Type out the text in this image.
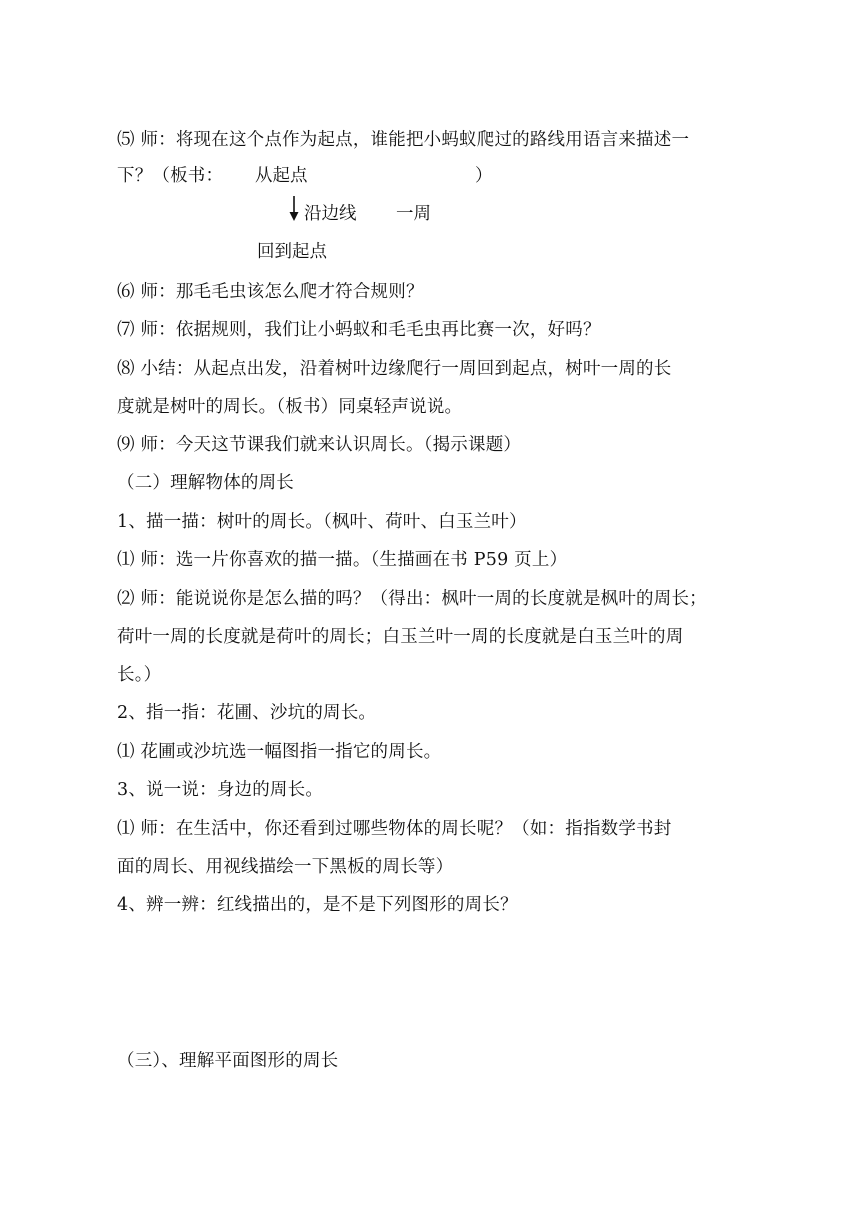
⑸ 师：将现在这个点作为起点，谁能把小蚂蚁爬过的路线用语言来描述一
下？（板书： 从起点	）
沿边线 一周
回到起点
⑹ 师：那毛毛虫该怎么爬才符合规则？
⑺ 师：依据规则，我们让小蚂蚁和毛毛虫再比赛一次，好吗？
⑻ 小结：从起点出发，沿着树叶边缘爬行一周回到起点，树叶一周的长
度就是树叶的周长。（板书）同桌轻声说说。
⑼ 师：今天这节课我们就来认识周长。（揭示课题）
（二）理解物体的周长
1、描一描：树叶的周长。（枫叶、荷叶、白玉兰叶）
⑴ 师：选一片你喜欢的描一描。（生描画在书 P59 页上）
⑵ 师：能说说你是怎么描的吗？（得出：枫叶一周的长度就是枫叶的周长；
荷叶一周的长度就是荷叶的周长；白玉兰叶一周的长度就是白玉兰叶的周
长。）
2、指一指：花圃、沙坑的周长。
⑴ 花圃或沙坑选一幅图指一指它的周长。
3、说一说：身边的周长。
⑴ 师：在生活中，你还看到过哪些物体的周长呢？（如：指指数学书封
面的周长、用视线描绘一下黑板的周长等）
4、辨一辨：红线描出的，是不是下列图形的周长？
（三）、理解平面图形的周长
